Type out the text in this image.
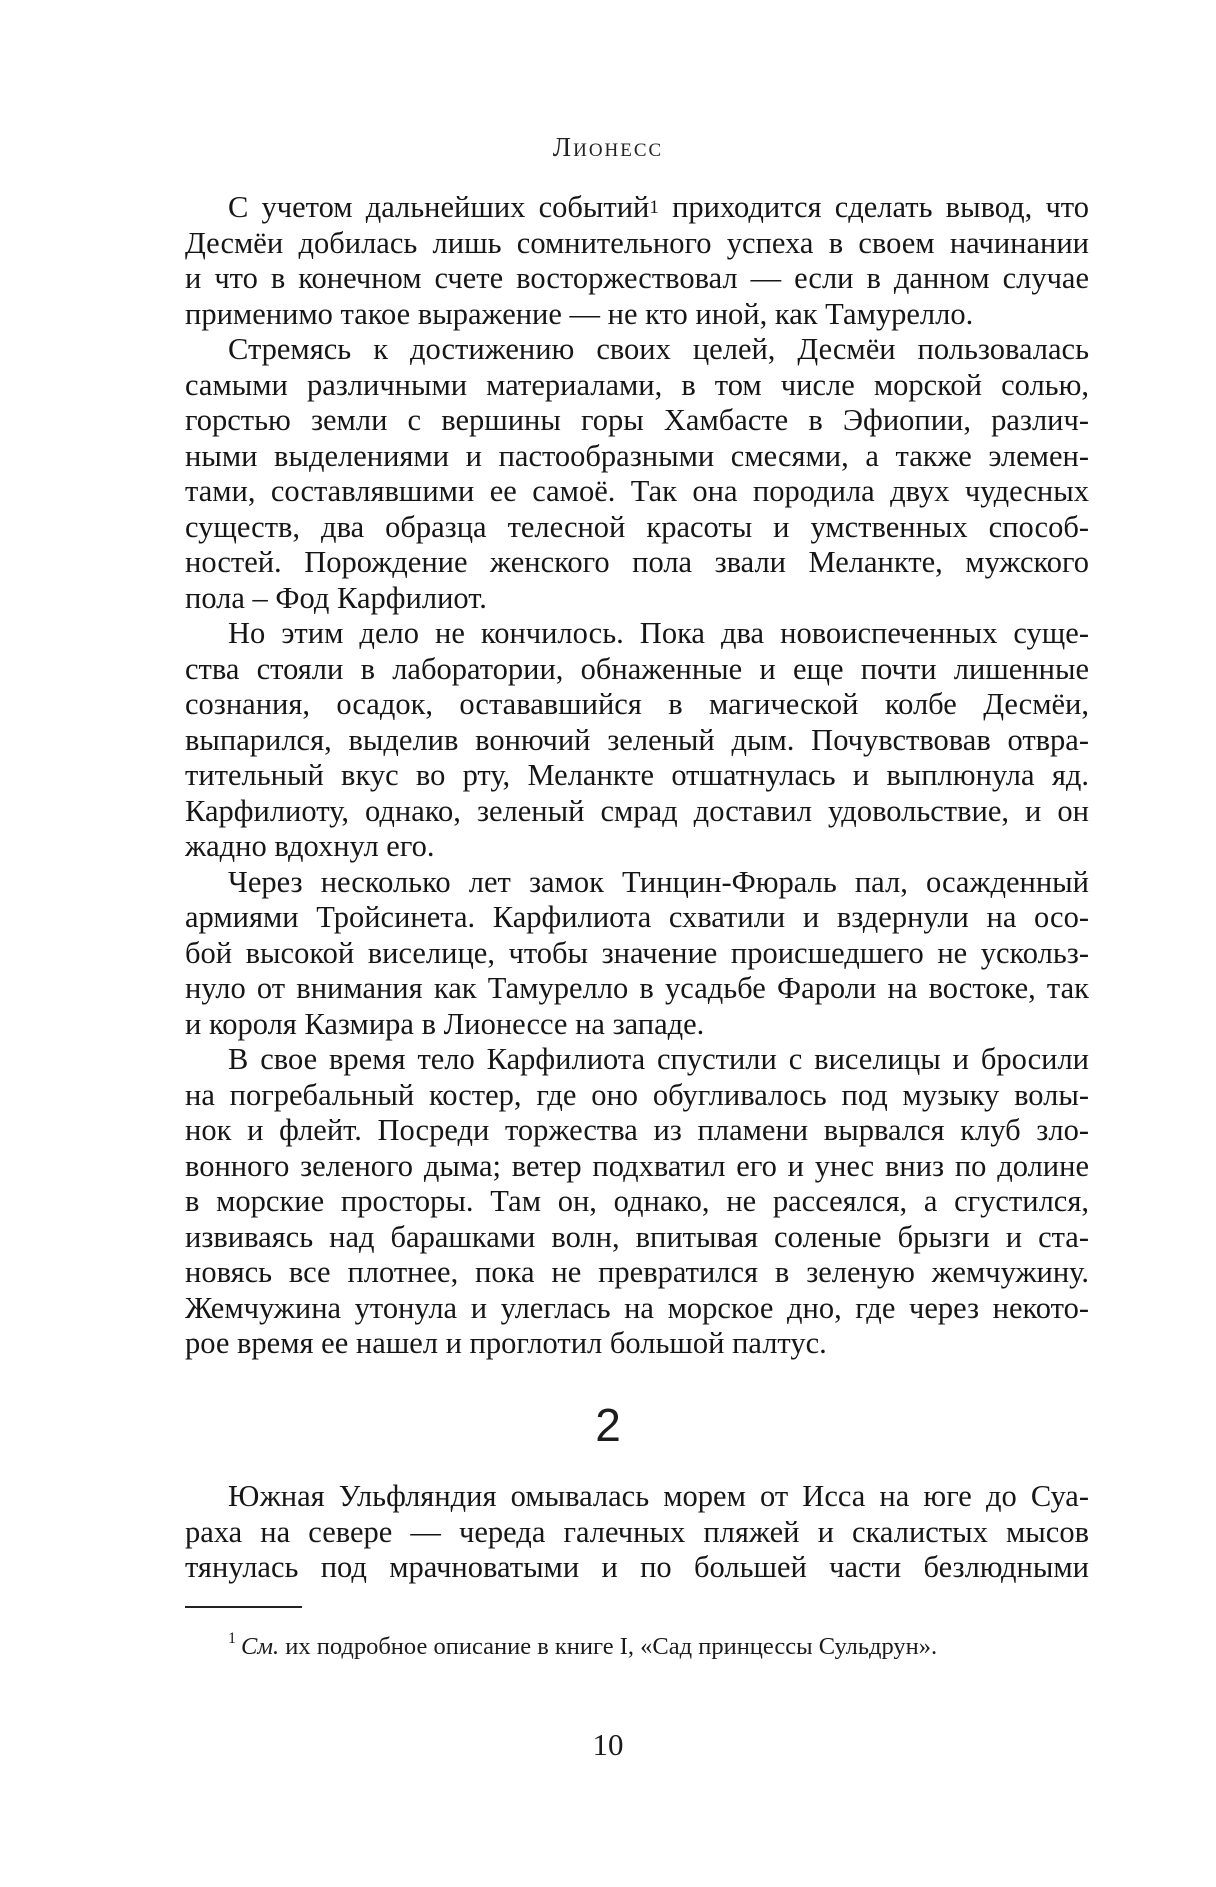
Лионесс
С учетом дальнейших событий$^1$ приходится сделать вывод, что
Десмёи добилась лишь сомнительного успеха в своем начинании
и что в конечном счете восторжествовал — если в данном случае
применимо такое выражение — не кто иной, как Тамурелло.
Стремясь к достижению своих целей, Десмёи пользовалась
самыми различными материалами, в том числе морской солью,
горстью земли с вершины горы Хамбасте в Эфиопии, различ-
ными выделениями и пастообразными смесями, а также элемен-
тами, составлявшими ее самоё. Так она породила двух чудесных
существ, два образца телесной красоты и умственных способ-
ностей. Порождение женского пола звали Меланкте, мужского
пола – Фод Карфилиот.
Но этим дело не кончилось. Пока два новоиспеченных суще-
ства стояли в лаборатории, обнаженные и еще почти лишенные
сознания, осадок, остававшийся в магической колбе Десмёи,
выпарился, выделив вонючий зеленый дым. Почувствовав отвра-
тительный вкус во рту, Меланкте отшатнулась и выплюнула яд.
Карфилиоту, однако, зеленый смрад доставил удовольствие, и он
жадно вдохнул его.
Через несколько лет замок Тинцин-Фюраль пал, осажденный
армиями Тройсинета. Карфилиота схватили и вздернули на осо-
бой высокой виселице, чтобы значение происшедшего не ускольз-
нуло от внимания как Тамурелло в усадьбе Фароли на востоке, так
и короля Казмира в Лионессе на западе.
В свое время тело Карфилиота спустили с виселицы и бросили
на погребальный костер, где оно обугливалось под музыку волы-
нок и флейт. Посреди торжества из пламени вырвался клуб зло-
вонного зеленого дыма; ветер подхватил его и унес вниз по долине
в морские просторы. Там он, однако, не рассеялся, а сгустился,
извиваясь над барашками волн, впитывая соленые брызги и ста-
новясь все плотнее, пока не превратился в зеленую жемчужину.
Жемчужина утонула и улеглась на морское дно, где через некото-
рое время ее нашел и проглотил большой палтус.
2
Южная Ульфляндия омывалась морем от Исса на юге до Суа-
раха на севере — череда галечных пляжей и скалистых мысов
тянулась под мрачноватыми и по большей части безлюдными
$^1$ См. их подробное описание в книге I, «Сад принцессы Сульдрун».
10
